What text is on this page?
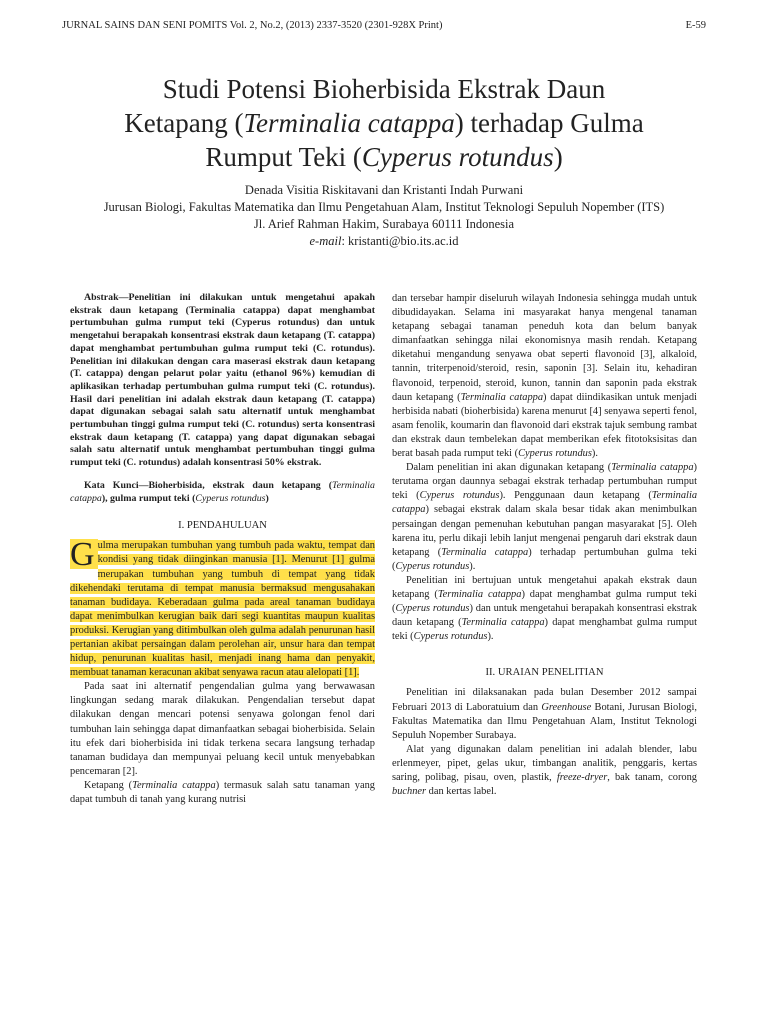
JURNAL SAINS DAN SENI POMITS Vol. 2, No.2, (2013) 2337-3520 (2301-928X Print)	E-59
Studi Potensi Bioherbisida Ekstrak Daun
Ketapang (Terminalia catappa) terhadap Gulma
Rumput Teki (Cyperus rotundus)
Denada Visitia Riskitavani dan Kristanti Indah Purwani
Jurusan Biologi, Fakultas Matematika dan Ilmu Pengetahuan Alam, Institut Teknologi Sepuluh Nopember (ITS)
Jl. Arief Rahman Hakim, Surabaya 60111 Indonesia
e-mail: kristanti@bio.its.ac.id

Abstrak—Penelitian ini dilakukan untuk mengetahui apakah ekstrak daun ketapang (Terminalia catappa) dapat menghambat pertumbuhan gulma rumput teki (Cyperus rotundus) dan untuk mengetahui berapakah konsentrasi ekstrak daun ketapang (T. catappa) dapat menghambat pertumbuhan gulma rumput teki (C. rotundus). Penelitian ini dilakukan dengan cara maserasi ekstrak daun ketapang (T. catappa) dengan pelarut polar yaitu (ethanol 96%) kemudian di aplikasikan terhadap pertumbuhan gulma rumput teki (C. rotundus). Hasil dari penelitian ini adalah ekstrak daun ketapang (T. catappa) dapat digunakan sebagai salah satu alternatif untuk menghambat pertumbuhan tinggi gulma rumput teki (C. rotundus) serta konsentrasi ekstrak daun ketapang (T. catappa) yang dapat digunakan sebagai salah satu alternatif untuk menghambat pertumbuhan tinggi gulma rumput teki (C. rotundus) adalah konsentrasi 50% ekstrak.

Kata Kunci—Bioherbisida, ekstrak daun ketapang (Terminalia catappa), gulma rumput teki (Cyperus rotundus)

I. PENDAHULUAN

G ulma merupakan tumbuhan yang tumbuh pada waktu, tempat dan kondisi yang tidak diinginkan manusia [1]. Menurut [1] gulma merupakan tumbuhan yang tumbuh di tempat yang tidak dikehendaki terutama di tempat manusia bermaksud mengusahakan tanaman budidaya. Keberadaan gulma pada areal tanaman budidaya dapat menimbulkan kerugian baik dari segi kuantitas maupun kualitas produksi. Kerugian yang ditimbulkan oleh gulma adalah penurunan hasil pertanian akibat persaingan dalam perolehan air, unsur hara dan tempat hidup, penurunan kualitas hasil, menjadi inang hama dan penyakit, membuat tanaman keracunan akibat senyawa racun atau alelopati [1].

Pada saat ini alternatif pengendalian gulma yang berwawasan lingkungan sedang marak dilakukan. Pengendalian tersebut dapat dilakukan dengan mencari potensi senyawa golongan fenol dari tumbuhan lain sehingga dapat dimanfaatkan sebagai bioherbisida. Selain itu efek dari bioherbisida ini tidak terkena secara langsung terhadap tanaman budidaya dan mempunyai peluang kecil untuk menyebabkan pencemaran [2].

Ketapang (Terminalia catappa) termasuk salah satu tanaman yang dapat tumbuh di tanah yang kurang nutrisi

dan tersebar hampir diseluruh wilayah Indonesia sehingga mudah untuk dibudidayakan. Selama ini masyarakat hanya mengenal tanaman ketapang sebagai tanaman peneduh kota dan belum banyak dimanfaatkan sehingga nilai ekonomisnya masih rendah. Ketapang diketahui mengandung senyawa obat seperti flavonoid [3], alkaloid, tannin, triterpenoid/steroid, resin, saponin [3]. Selain itu, kehadiran flavonoid, terpenoid, steroid, kunon, tannin dan saponin pada ekstrak daun ketapang (Terminalia catappa) dapat diindikasikan untuk menjadi herbisida nabati (bioherbisida) karena menurut [4] senyawa seperti fenol, asam fenolik, koumarin dan flavonoid dari ekstrak tajuk sembung rambat dan ekstrak daun tembelekan dapat memberikan efek fitotoksisitas dan berat basah pada rumput teki (Cyperus rotundus).

Dalam penelitian ini akan digunakan ketapang (Terminalia catappa) terutama organ daunnya sebagai ekstrak terhadap pertumbuhan rumput teki (Cyperus rotundus). Penggunaan daun ketapang (Terminalia catappa) sebagai ekstrak dalam skala besar tidak akan menimbulkan persaingan dengan pemenuhan kebutuhan pangan masyarakat [5]. Oleh karena itu, perlu dikaji lebih lanjut mengenai pengaruh dari ekstrak daun ketapang (Terminalia catappa) terhadap pertumbuhan gulma teki (Cyperus rotundus).

Penelitian ini bertujuan untuk mengetahui apakah ekstrak daun ketapang (Terminalia catappa) dapat menghambat gulma rumput teki (Cyperus rotundus) dan untuk mengetahui berapakah konsentrasi ekstrak daun ketapang (Terminalia catappa) dapat menghambat gulma rumput teki (Cyperus rotundus).

II. URAIAN PENELITIAN

Penelitian ini dilaksanakan pada bulan Desember 2012 sampai Februari 2013 di Laboratuium dan Greenhouse Botani, Jurusan Biologi, Fakultas Matematika dan Ilmu Pengetahuan Alam, Institut Teknologi Sepuluh Nopember Surabaya.

Alat yang digunakan dalam penelitian ini adalah blender, labu erlenmeyer, pipet, gelas ukur, timbangan analitik, penggaris, kertas saring, polibag, pisau, oven, plastik, freeze-dryer, bak tanam, corong buchner dan kertas label.
